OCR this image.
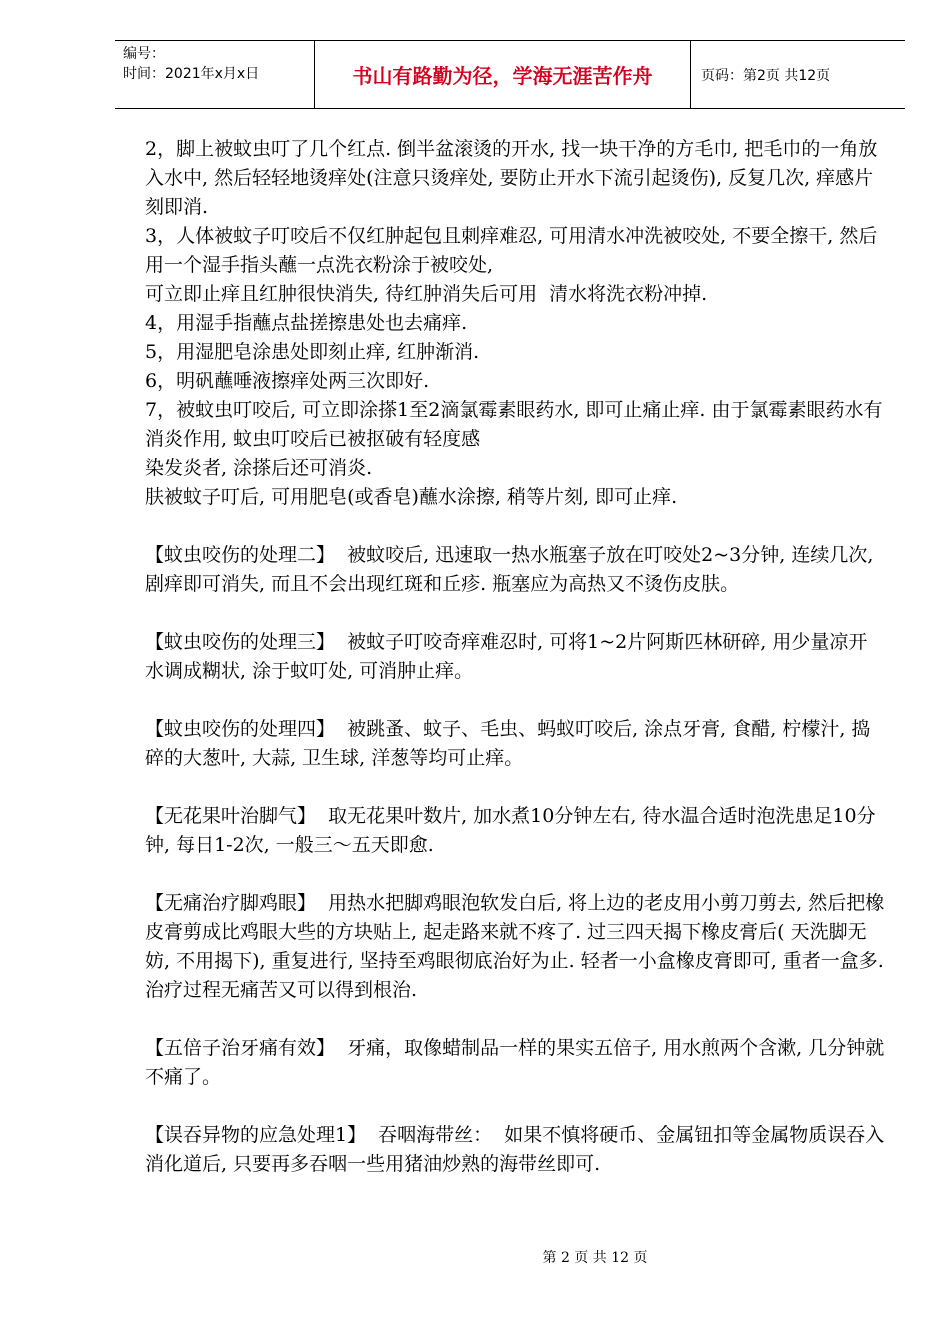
编号：
时间：2021年x月x日	书山有路勤为径，学海无涯苦作舟	页码：第2页 共12页

2，脚上被蚊虫叮了几个红点. 倒半盆滚烫的开水, 找一块干净的方毛巾, 把毛巾的一角放入水中, 然后轻轻地烫痒处(注意只烫痒处, 要防止开水下流引起烫伤), 反复几次, 痒感片刻即消.

3，人体被蚊子叮咬后不仅红肿起包且刺痒难忍, 可用清水冲洗被咬处, 不要全擦干, 然后用一个湿手指头蘸一点洗衣粉涂于被咬处,

可立即止痒且红肿很快消失, 待红肿消失后可用  清水将洗衣粉冲掉.

4，用湿手指蘸点盐搓擦患处也去痛痒.

5，用湿肥皂涂患处即刻止痒, 红肿渐消.

6，明矾蘸唾液擦痒处两三次即好.

7，被蚊虫叮咬后, 可立即涂搽1至2滴氯霉素眼药水, 即可止痛止痒. 由于氯霉素眼药水有消炎作用, 蚊虫叮咬后已被抠破有轻度感

染发炎者, 涂搽后还可消炎.

肤被蚊子叮后, 可用肥皂(或香皂)蘸水涂擦, 稍等片刻, 即可止痒.

【蚊虫咬伤的处理二】  被蚊咬后, 迅速取一热水瓶塞子放在叮咬处2~3分钟, 连续几次, 剧痒即可消失, 而且不会出现红斑和丘疹. 瓶塞应为高热又不烫伤皮肤。

【蚊虫咬伤的处理三】  被蚊子叮咬奇痒难忍时, 可将1~2片阿斯匹林研碎, 用少量凉开水调成糊状, 涂于蚊叮处, 可消肿止痒。

【蚊虫咬伤的处理四】  被跳蚤、蚊子、毛虫、蚂蚁叮咬后, 涂点牙膏, 食醋, 柠檬汁, 捣碎的大葱叶, 大蒜, 卫生球, 洋葱等均可止痒。

【无花果叶治脚气】  取无花果叶数片, 加水煮10分钟左右, 待水温合适时泡洗患足10分钟, 每日1-2次, 一般三～五天即愈.

【无痛治疗脚鸡眼】  用热水把脚鸡眼泡软发白后, 将上边的老皮用小剪刀剪去, 然后把橡皮膏剪成比鸡眼大些的方块贴上, 起走路来就不疼了. 过三四天揭下橡皮膏后( 天洗脚无妨, 不用揭下), 重复进行, 坚持至鸡眼彻底治好为止. 轻者一小盒橡皮膏即可, 重者一盒多. 治疗过程无痛苦又可以得到根治.

【五倍子治牙痛有效】  牙痛，取像蜡制品一样的果实五倍子, 用水煎两个含漱, 几分钟就不痛了。

【误吞异物的应急处理1】  吞咽海带丝：  如果不慎将硬币、金属钮扣等金属物质误吞入消化道后, 只要再多吞咽一些用猪油炒熟的海带丝即可.

第 2 页 共 12 页
